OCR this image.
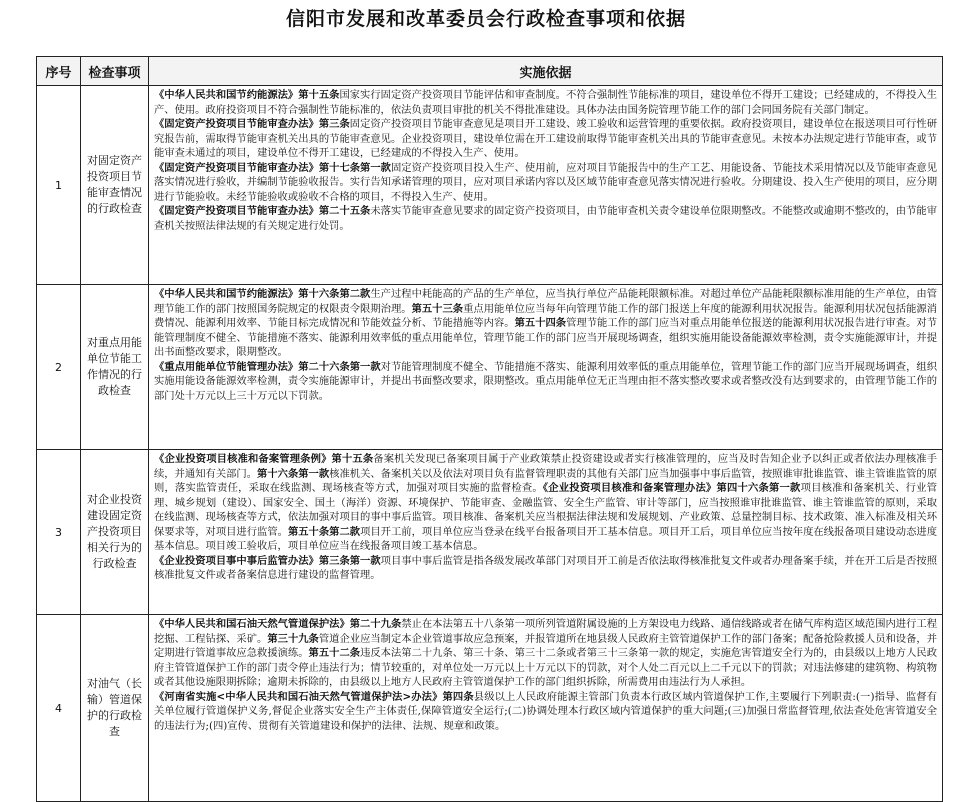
信阳市发展和改革委员会行政检查事项和依据
序号	检查事项	实施依据
1	对固定资产投资项目节能审查情况的行政检查	《中华人民共和国节约能源法》第十五条国家实行固定资产投资项目节能评估和审查制度。不符合强制性节能标准的项目，建设单位不得开工建设；已经建成的，不得投入生产、使用。政府投资项目不符合强制性节能标准的，依法负责项目审批的机关不得批准建设。具体办法由国务院管理节能工作的部门会同国务院有关部门制定。
《固定资产投资项目节能审查办法》第三条固定资产投资项目节能审查意见是项目开工建设、竣工验收和运营管理的重要依据。政府投资项目，建设单位在报送项目可行性研究报告前，需取得节能审查机关出具的节能审查意见。企业投资项目，建设单位需在开工建设前取得节能审查机关出具的节能审查意见。未按本办法规定进行节能审查，或节能审查未通过的项目，建设单位不得开工建设，已经建成的不得投入生产、使用。
《固定资产投资项目节能审查办法》第十七条第一款固定资产投资项目投入生产、使用前，应对项目节能报告中的生产工艺、用能设备、节能技术采用情况以及节能审查意见落实情况进行验收，并编制节能验收报告。实行告知承诺管理的项目，应对项目承诺内容以及区域节能审查意见落实情况进行验收。分期建设、投入生产使用的项目，应分期进行节能验收。未经节能验收或验收不合格的项目，不得投入生产、使用。
《固定资产投资项目节能审查办法》第二十五条未落实节能审查意见要求的固定资产投资项目，由节能审查机关责令建设单位限期整改。不能整改或逾期不整改的，由节能审查机关按照法律法规的有关规定进行处罚。
2	对重点用能单位节能工作情况的行政检查	《中华人民共和国节约能源法》第十六条第二款生产过程中耗能高的产品的生产单位，应当执行单位产品能耗限额标准。对超过单位产品能耗限额标准用能的生产单位，由管理节能工作的部门按照国务院规定的权限责令限期治理。第五十三条重点用能单位应当每年向管理节能工作的部门报送上年度的能源利用状况报告。能源利用状况包括能源消费情况、能源利用效率、节能目标完成情况和节能效益分析、节能措施等内容。第五十四条管理节能工作的部门应当对重点用能单位报送的能源利用状况报告进行审查。对节能管理制度不健全、节能措施不落实、能源利用效率低的重点用能单位，管理节能工作的部门应当开展现场调查，组织实施用能设备能源效率检测，责令实施能源审计，并提出书面整改要求，限期整改。
《重点用能单位节能管理办法》第二十六条第一款对节能管理制度不健全、节能措施不落实、能源利用效率低的重点用能单位，管理节能工作的部门应当开展现场调查，组织实施用能设备能源效率检测，责令实施能源审计，并提出书面整改要求，限期整改。重点用能单位无正当理由拒不落实整改要求或者整改没有达到要求的，由管理节能工作的部门处十万元以上三十万元以下罚款。
3	对企业投资建设固定资产投资项目相关行为的行政检查	《企业投资项目核准和备案管理条例》第十五条备案机关发现已备案项目属于产业政策禁止投资建设或者实行核准管理的，应当及时告知企业予以纠正或者依法办理核准手续，并通知有关部门。第十六条第一款核准机关、备案机关以及依法对项目负有监督管理职责的其他有关部门应当加强事中事后监管，按照谁审批谁监管、谁主管谁监管的原则，落实监管责任，采取在线监测、现场核查等方式，加强对项目实施的监督检查。《企业投资项目核准和备案管理办法》第四十六条第一款项目核准和备案机关、行业管理、城乡规划（建设）、国家安全、国土（海洋）资源、环境保护、节能审查、金融监管、安全生产监管、审计等部门，应当按照谁审批谁监管、谁主管谁监管的原则，采取在线监测、现场核查等方式，依法加强对项目的事中事后监管。项目核准、备案机关应当根据法律法规和发展规划、产业政策、总量控制目标、技术政策、准入标准及相关环保要求等，对项目进行监管。第五十条第二款项目开工前，项目单位应当登录在线平台报备项目开工基本信息。项目开工后，项目单位应当按年度在线报备项目建设动态进度基本信息。项目竣工验收后，项目单位应当在线报备项目竣工基本信息。
《企业投资项目事中事后监管办法》第三条第一款项目事中事后监管是指各级发展改革部门对项目开工前是否依法取得核准批复文件或者办理备案手续，并在开工后是否按照核准批复文件或者备案信息进行建设的监督管理。
4	对油气（长输）管道保护的行政检查	《中华人民共和国石油天然气管道保护法》第二十九条禁止在本法第五十八条第一项所列管道附属设施的上方架设电力线路、通信线路或者在储气库构造区域范围内进行工程挖掘、工程钻探、采矿。第三十九条管道企业应当制定本企业管道事故应急预案，并报管道所在地县级人民政府主管管道保护工作的部门备案；配备抢险救援人员和设备，并定期进行管道事故应急救援演练。第五十二条违反本法第二十九条、第三十条、第三十二条或者第三十三条第一款的规定，实施危害管道安全行为的，由县级以上地方人民政府主管管道保护工作的部门责令停止违法行为；情节较重的，对单位处一万元以上十万元以下的罚款，对个人处二百元以上二千元以下的罚款；对违法修建的建筑物、构筑物或者其他设施限期拆除；逾期未拆除的，由县级以上地方人民政府主管管道保护工作的部门组织拆除，所需费用由违法行为人承担。
《河南省实施<中华人民共和国石油天然气管道保护法>办法》第四条县级以上人民政府能源主管部门负责本行政区域内管道保护工作,主要履行下列职责:(一)指导、监督有关单位履行管道保护义务,督促企业落实安全生产主体责任,保障管道安全运行;(二)协调处理本行政区域内管道保护的重大问题;(三)加强日常监督管理,依法查处危害管道安全的违法行为;(四)宣传、贯彻有关管道建设和保护的法律、法规、规章和政策。
